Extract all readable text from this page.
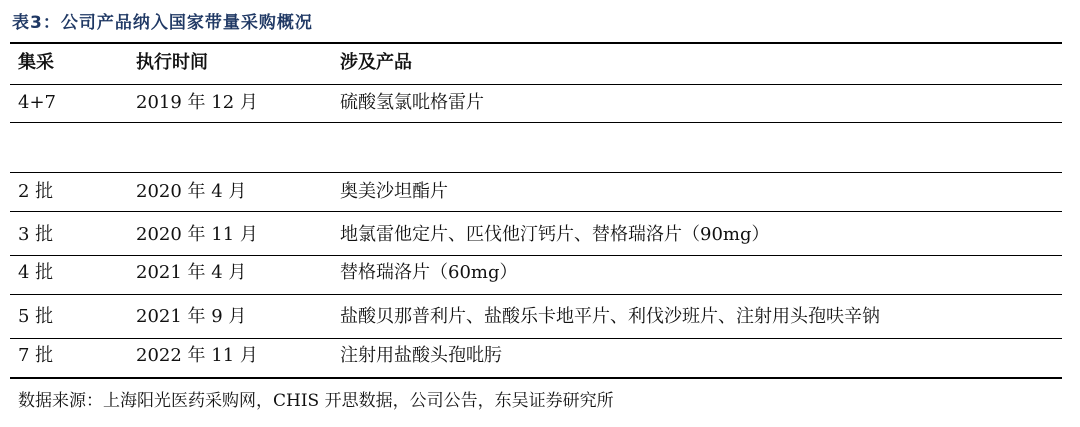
表3：公司产品纳入国家带量采购概况
集采	执行时间	涉及产品
4+7	2019 年 12 月	硫酸氢氯吡格雷片
2 批	2020 年 4 月	奥美沙坦酯片
3 批	2020 年 11 月	地氯雷他定片、匹伐他汀钙片、替格瑞洛片（90mg）
4 批	2021 年 4 月	替格瑞洛片（60mg）
5 批	2021 年 9 月	盐酸贝那普利片、盐酸乐卡地平片、利伐沙班片、注射用头孢呋辛钠
7 批	2022 年 11 月	注射用盐酸头孢吡肟
数据来源：上海阳光医药采购网，CHIS 开思数据，公司公告，东吴证券研究所
